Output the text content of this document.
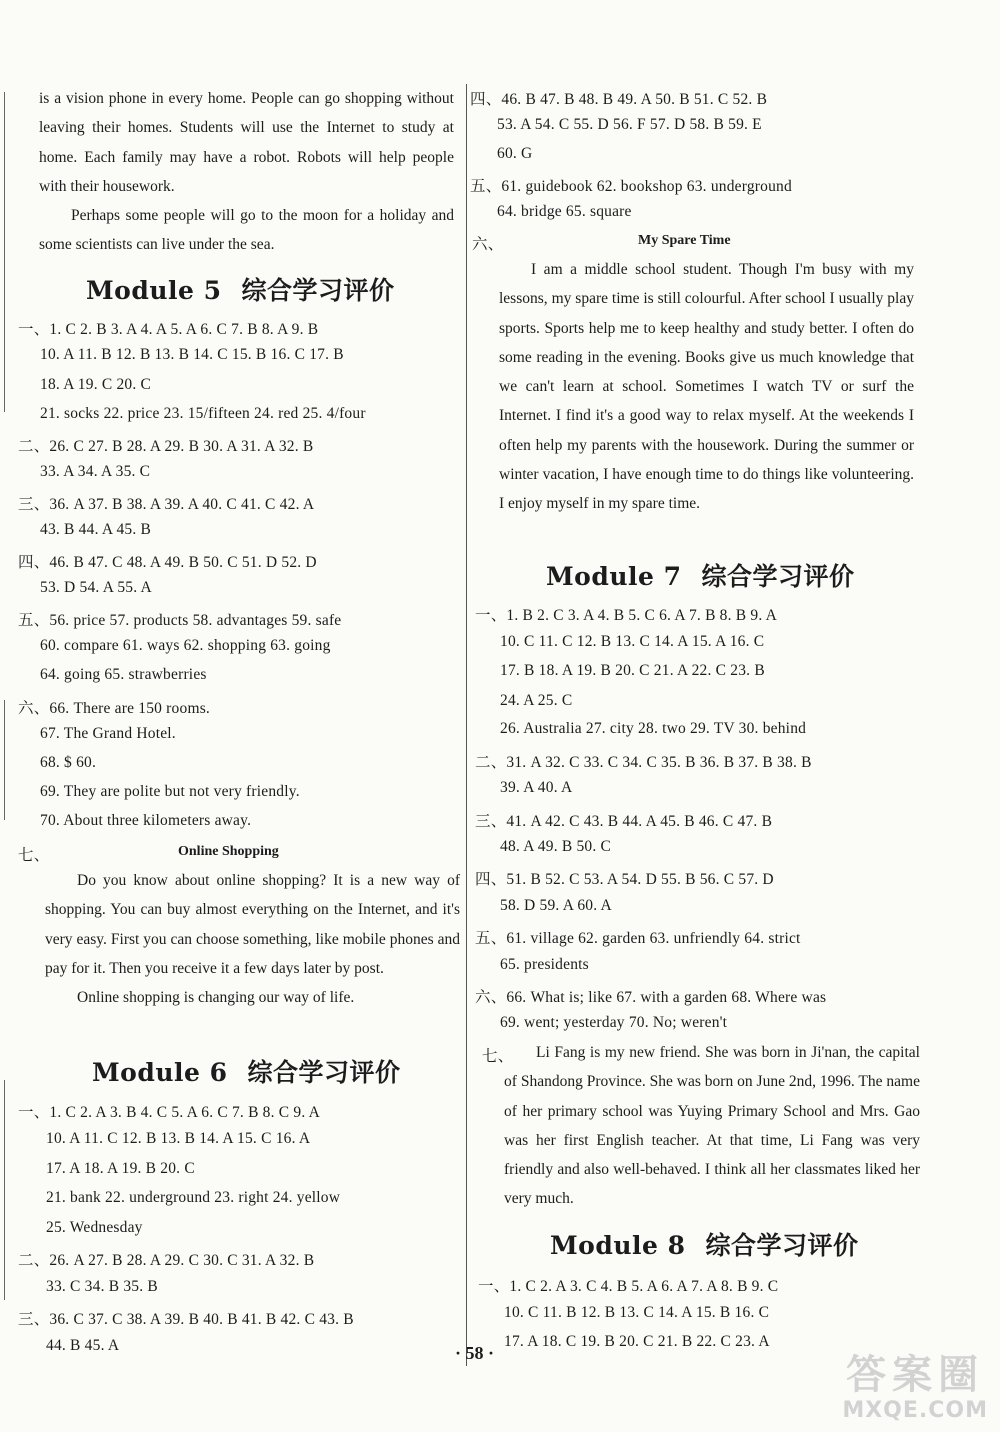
is a vision phone in every home. People can go shopping without leaving their homes. Students will use the Internet to study at home. Each family may have a robot. Robots will help people with their housework.

Perhaps some people will go to the moon for a holiday and some scientists can live under the sea.

Module 5 综合学习评价
一、1. C 2. B 3. A 4. A 5. A 6. C 7. B 8. A 9. B
10. A 11. B 12. B 13. B 14. C 15. B 16. C 17. B
18. A 19. C 20. C
21. socks 22. price 23. 15/fifteen 24. red 25. 4/four
二、26. C 27. B 28. A 29. B 30. A 31. A 32. B
33. A 34. A 35. C
三、36. A 37. B 38. A 39. A 40. C 41. C 42. A
43. B 44. A 45. B
四、46. B 47. C 48. A 49. B 50. C 51. D 52. D
53. D 54. A 55. A
五、56. price 57. products 58. advantages 59. safe
60. compare 61. ways 62. shopping 63. going
64. going 65. strawberries
六、66. There are 150 rooms.
67. The Grand Hotel.
68. $ 60.
69. They are polite but not very friendly.
70. About three kilometers away.
七、	Online Shopping

Do you know about online shopping? It is a new way of shopping. You can buy almost everything on the Internet, and it's very easy. First you can choose something, like mobile phones and pay for it. Then you receive it a few days later by post.

Online shopping is changing our way of life.

Module 6 综合学习评价
一、1. C 2. A 3. B 4. C 5. A 6. C 7. B 8. C 9. A
10. A 11. C 12. B 13. B 14. A 15. C 16. A
17. A 18. A 19. B 20. C
21. bank 22. underground 23. right 24. yellow
25. Wednesday
二、26. A 27. B 28. A 29. C 30. C 31. A 32. B
33. C 34. B 35. B
三、36. C 37. C 38. A 39. B 40. B 41. B 42. C 43. B
44. B 45. A
四、46. B 47. B 48. B 49. A 50. B 51. C 52. B
53. A 54. C 55. D 56. F 57. D 58. B 59. E
60. G
五、61. guidebook 62. bookshop 63. underground
64. bridge 65. square
六、	My Spare Time

I am a middle school student. Though I'm busy with my lessons, my spare time is still colourful. After school I usually play sports. Sports help me to keep healthy and study better. I often do some reading in the evening. Books give us much knowledge that we can't learn at school. Sometimes I watch TV or surf the Internet. I find it's a good way to relax myself. At the weekends I often help my parents with the housework. During the summer or winter vacation, I have enough time to do things like volunteering. I enjoy myself in my spare time.

Module 7 综合学习评价
一、1. B 2. C 3. A 4. B 5. C 6. A 7. B 8. B 9. A
10. C 11. C 12. B 13. C 14. A 15. A 16. C
17. B 18. A 19. B 20. C 21. A 22. C 23. B
24. A 25. C
26. Australia 27. city 28. two 29. TV 30. behind
二、31. A 32. C 33. C 34. C 35. B 36. B 37. B 38. B
39. A 40. A
三、41. A 42. C 43. B 44. A 45. B 46. C 47. B
48. A 49. B 50. C
四、51. B 52. C 53. A 54. D 55. B 56. C 57. D
58. D 59. A 60. A
五、61. village 62. garden 63. unfriendly 64. strict
65. presidents
六、66. What is; like 67. with a garden 68. Where was
69. went; yesterday 70. No; weren't
七、	Li Fang is my new friend. She was born in Ji'nan, the capital of Shandong Province. She was born on June 2nd, 1996. The name of her primary school was Yuying Primary School and Mrs. Gao was her first English teacher. At that time, Li Fang was very friendly and also well-behaved. I think all her classmates liked her very much.

Module 8 综合学习评价
一、1. C 2. A 3. C 4. B 5. A 6. A 7. A 8. B 9. C
10. C 11. B 12. B 13. C 14. A 15. B 16. C
17. A 18. C 19. B 20. C 21. B 22. C 23. A
· 58 ·	答案圈
MXQE.COM
